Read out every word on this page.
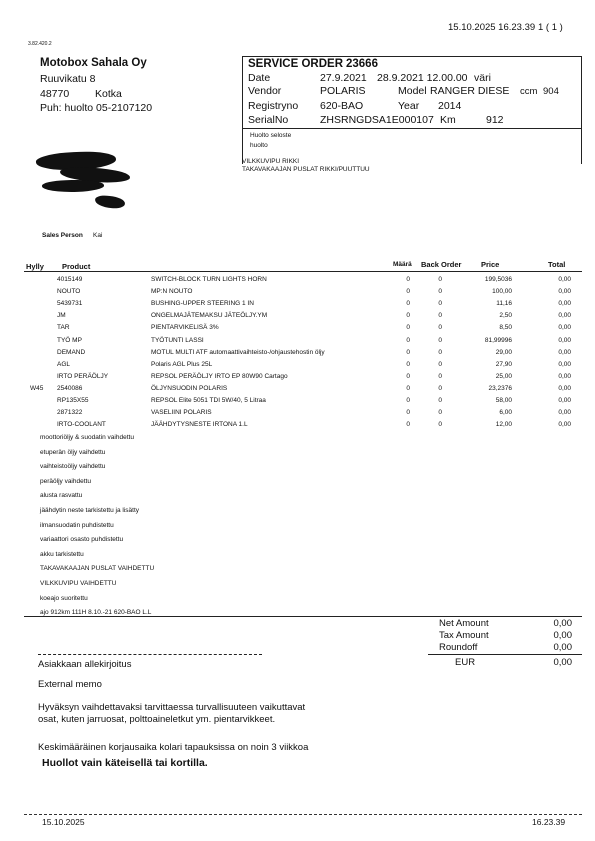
15.10.2025 16.23.39 1 ( 1 )
3.82.420.2
Motobox Sahala Oy
Ruuvikatu 8
48770 Kotka
Puh: huolto 05-2107120
SERVICE ORDER 23666
Date	27.9.2021 28.9.2021 12.00.00 väri
Vendor	POLARIS	Model RANGER DIESE ccm 904
Registryno 620-BAO	Year 2014
SerialNo	ZHSRNGDSA1E000107 Km	912
Huolto seloste
huolto
VILKKUVIPU RIKKI
TAKAVAKAAJAN PUSLAT RIKKI/PUUTTUU
Sales Person Kai
Hylly Product	Määrä Back Order	Price	Total
4015149	SWITCH-BLOCK TURN LIGHTS HORN	0	0	199,5036	0,00
NOUTO	MP:N NOUTO	0	0	100,00	0,00
5439731	BUSHING-UPPER STEERING 1 IN	0	0	11,16	0,00
JM	ONGELMAJÄTEMAKSU JÄTEÖLJY.YM	0	0	2,50	0,00
TAR	PIENTARVIKELISÄ 3%	0	0	8,50	0,00
TYÖ MP	TYÖTUNTI LASSI	0	0	81,99996	0,00
DEMAND	MOTUL MULTI ATF automaattivaihteisto-/ohjaustehostin öljy	0	0	29,00	0,00
AGL	Polaris AGL Plus 25L	0	0	27,90	0,00
IRTO PERÄÖLJY	REPSOL PERÄÖLJY IRTO EP 80W90 Cartago	0	0	25,00	0,00
W45 2540086	ÖLJYNSUODIN POLARIS	0	0	23,2376	0,00
RP135X55	REPSOL Elite 5051 TDI 5W/40, 5 Litraa	0	0	58,00	0,00
2871322	VASELIINI POLARIS	0	0	6,00	0,00
IRTO-COOLANT	JÄÄHDYTYSNESTE IRTONA 1.L	0	0	12,00	0,00
moottoriöljy & suodatin vaihdettu
etuperän öljy vaihdettu
vaihteistoöljy vaihdettu
peräöljy vaihdettu
alusta rasvattu
jäähdytin neste tarkistettu ja lisätty
ilmansuodatin puhdistettu
variaattori osasto puhdistettu
akku tarkistettu
TAKAVAKAAJAN PUSLAT VAIHDETTU
VILKKUVIPU VAIHDETTU
koeajo suoritettu
ajo 912km 111H 8.10.-21 620-BAO L.L
Net Amount	0,00
Tax Amount	0,00
Roundoff	0,00
EUR	0,00
Asiakkaan allekirjoitus
External memo
Hyväksyn vaihdettavaksi tarvittaessa turvallisuuteen vaikuttavat
osat, kuten jarruosat, polttoaineletkut ym. pientarvikkeet.
Keskimääräinen korjausaika kolari tapauksissa on noin 3 viikkoa
Huollot vain käteisellä tai kortilla.
15.10.2025	16.23.39
